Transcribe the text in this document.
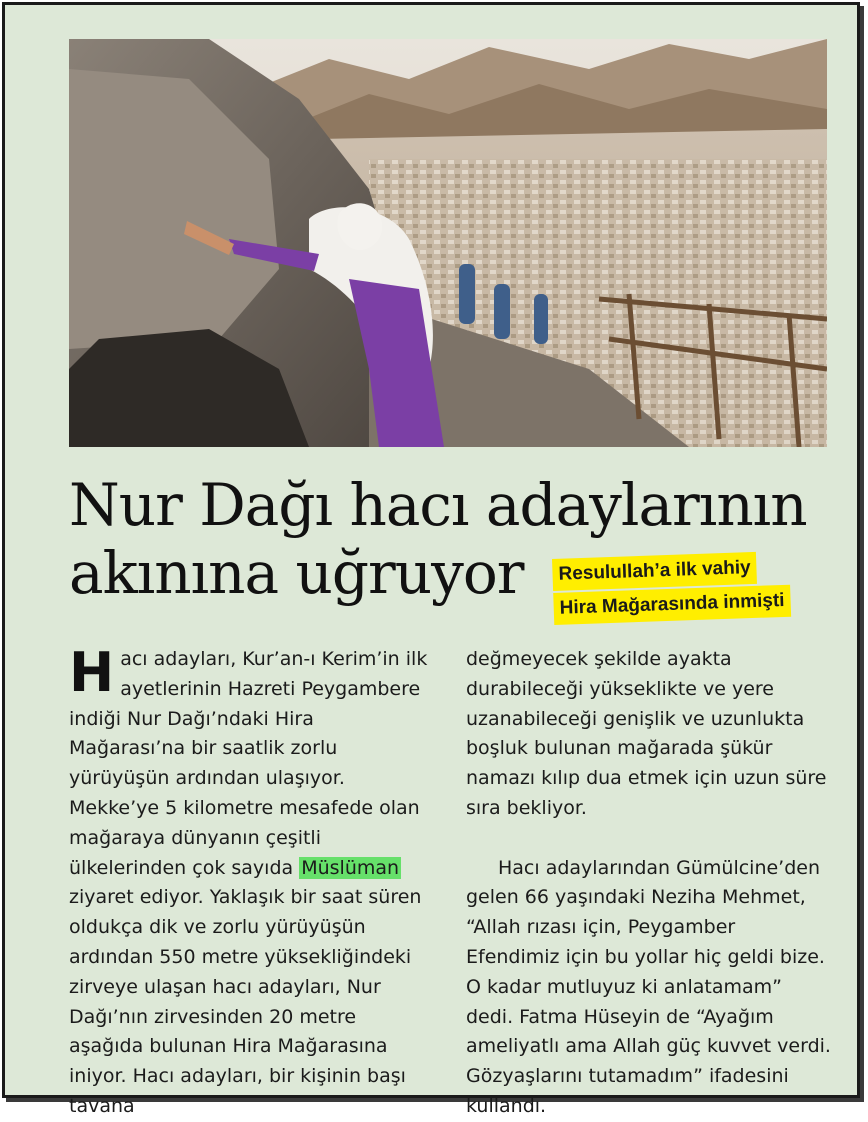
Nur Dağı hacı adaylarının
akınına uğruyor	Resulullah’a ilk vahiy
Hira Mağarasında inmişti

Hacı adayları, Kur’an-ı Kerim’in ilk ayetlerinin Hazreti Peygambere indiği Nur Dağı’ndaki Hira Mağarası’na bir saatlik zorlu yürüyüşün ardından ulaşıyor. Mekke’ye 5 kilometre mesafede olan mağaraya dünyanın çeşitli ülkelerinden çok sayıda Müslüman ziyaret ediyor. Yaklaşık bir saat süren oldukça dik ve zorlu yürüyüşün ardından 550 metre yüksekliğindeki zirveye ulaşan hacı adayları, Nur Dağı’nın zirvesinden 20 metre aşağıda bulunan Hira Mağarasına iniyor. Hacı adayları, bir kişinin başı tavana

değmeyecek şekilde ayakta durabileceği yükseklikte ve yere uzanabileceği genişlik ve uzunlukta boşluk bulunan mağarada şükür namazı kılıp dua etmek için uzun süre sıra bekliyor.

Hacı adaylarından Gümülcine’den gelen 66 yaşındaki Neziha Mehmet, “Allah rızası için, Peygamber Efendimiz için bu yollar hiç geldi bize. O kadar mutluyuz ki anlatamam” dedi. Fatma Hüseyin de “Ayağım ameliyatlı ama Allah güç kuvvet verdi. Gözyaşlarını tutamadım” ifadesini kullandı.
